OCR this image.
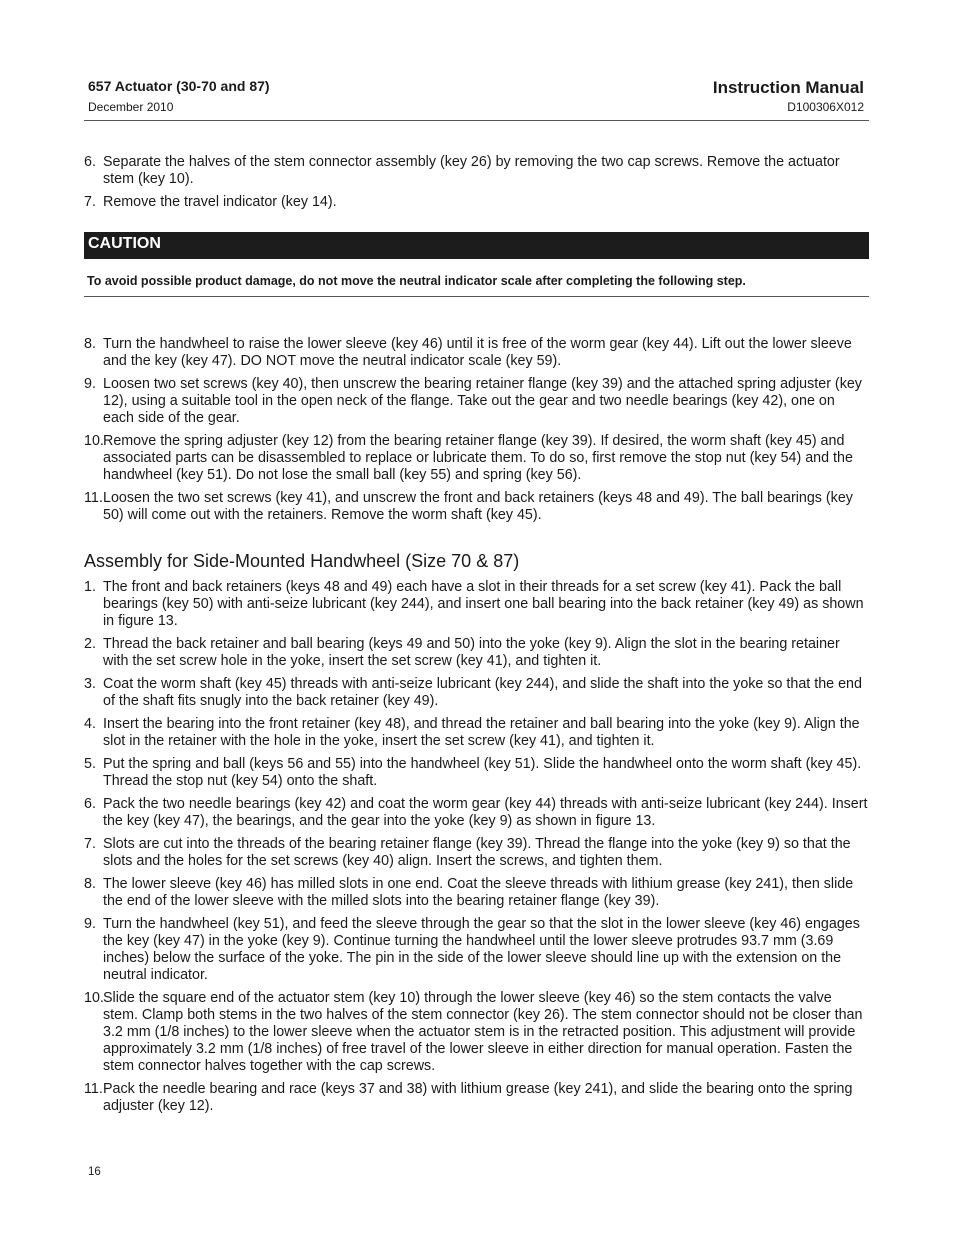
657 Actuator (30-70 and 87)
December 2010
Instruction Manual
D100306X012
6. Separate the halves of the stem connector assembly (key 26) by removing the two cap screws. Remove the actuator stem (key 10).
7. Remove the travel indicator (key 14).
CAUTION
To avoid possible product damage, do not move the neutral indicator scale after completing the following step.
8. Turn the handwheel to raise the lower sleeve (key 46) until it is free of the worm gear (key 44). Lift out the lower sleeve and the key (key 47). DO NOT move the neutral indicator scale (key 59).
9. Loosen two set screws (key 40), then unscrew the bearing retainer flange (key 39) and the attached spring adjuster (key 12), using a suitable tool in the open neck of the flange. Take out the gear and two needle bearings (key 42), one on each side of the gear.
10. Remove the spring adjuster (key 12) from the bearing retainer flange (key 39). If desired, the worm shaft (key 45) and associated parts can be disassembled to replace or lubricate them. To do so, first remove the stop nut (key 54) and the handwheel (key 51). Do not lose the small ball (key 55) and spring (key 56).
11. Loosen the two set screws (key 41), and unscrew the front and back retainers (keys 48 and 49). The ball bearings (key 50) will come out with the retainers. Remove the worm shaft (key 45).
Assembly for Side-Mounted Handwheel (Size 70 & 87)
1. The front and back retainers (keys 48 and 49) each have a slot in their threads for a set screw (key 41). Pack the ball bearings (key 50) with anti-seize lubricant (key 244), and insert one ball bearing into the back retainer (key 49) as shown in figure 13.
2. Thread the back retainer and ball bearing (keys 49 and 50) into the yoke (key 9). Align the slot in the bearing retainer with the set screw hole in the yoke, insert the set screw (key 41), and tighten it.
3. Coat the worm shaft (key 45) threads with anti-seize lubricant (key 244), and slide the shaft into the yoke so that the end of the shaft fits snugly into the back retainer (key 49).
4. Insert the bearing into the front retainer (key 48), and thread the retainer and ball bearing into the yoke (key 9). Align the slot in the retainer with the hole in the yoke, insert the set screw (key 41), and tighten it.
5. Put the spring and ball (keys 56 and 55) into the handwheel (key 51). Slide the handwheel onto the worm shaft (key 45). Thread the stop nut (key 54) onto the shaft.
6. Pack the two needle bearings (key 42) and coat the worm gear (key 44) threads with anti-seize lubricant (key 244). Insert the key (key 47), the bearings, and the gear into the yoke (key 9) as shown in figure 13.
7. Slots are cut into the threads of the bearing retainer flange (key 39). Thread the flange into the yoke (key 9) so that the slots and the holes for the set screws (key 40) align. Insert the screws, and tighten them.
8. The lower sleeve (key 46) has milled slots in one end. Coat the sleeve threads with lithium grease (key 241), then slide the end of the lower sleeve with the milled slots into the bearing retainer flange (key 39).
9. Turn the handwheel (key 51), and feed the sleeve through the gear so that the slot in the lower sleeve (key 46) engages the key (key 47) in the yoke (key 9). Continue turning the handwheel until the lower sleeve protrudes 93.7 mm (3.69 inches) below the surface of the yoke. The pin in the side of the lower sleeve should line up with the extension on the neutral indicator.
10. Slide the square end of the actuator stem (key 10) through the lower sleeve (key 46) so the stem contacts the valve stem. Clamp both stems in the two halves of the stem connector (key 26). The stem connector should not be closer than 3.2 mm (1/8 inches) to the lower sleeve when the actuator stem is in the retracted position. This adjustment will provide approximately 3.2 mm (1/8 inches) of free travel of the lower sleeve in either direction for manual operation. Fasten the stem connector halves together with the cap screws.
11. Pack the needle bearing and race (keys 37 and 38) with lithium grease (key 241), and slide the bearing onto the spring adjuster (key 12).
16
